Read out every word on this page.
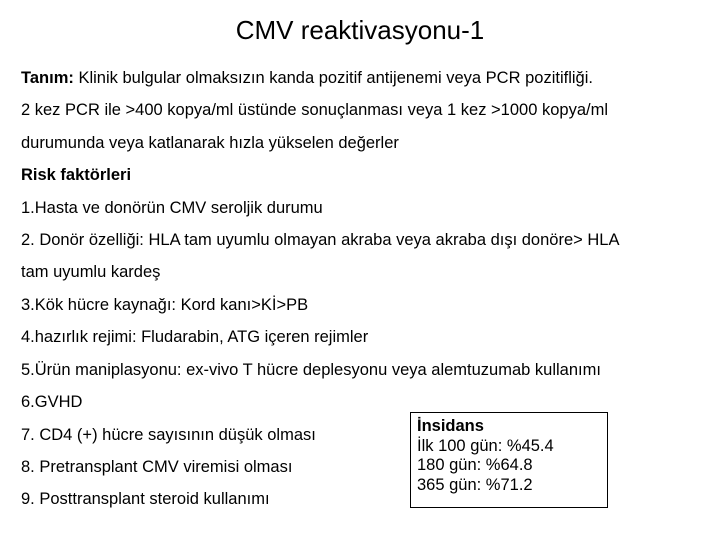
CMV reaktivasyonu-1
Tanım: Klinik bulgular olmaksızın kanda pozitif antijenemi veya PCR pozitifliği.
2 kez PCR ile >400 kopya/ml üstünde sonuçlanması veya 1 kez >1000 kopya/ml
durumunda veya katlanarak hızla yükselen değerler
Risk faktörleri
1.Hasta ve donörün CMV seroljik durumu
2. Donör özelliği: HLA tam uyumlu olmayan akraba veya akraba dışı donöre> HLA
tam uyumlu kardeş
3.Kök hücre kaynağı: Kord kanı>Kİ>PB
4.hazırlık rejimi: Fludarabin, ATG içeren rejimler
5.Ürün maniplasyonu: ex-vivo T hücre deplesyonu veya alemtuzumab kullanımı
6.GVHD
7. CD4 (+) hücre sayısının düşük olması
8. Pretransplant CMV viremisi olması
9. Posttransplant steroid kullanımı
İnsidans
İlk 100 gün: %45.4
180 gün: %64.8
365 gün: %71.2
